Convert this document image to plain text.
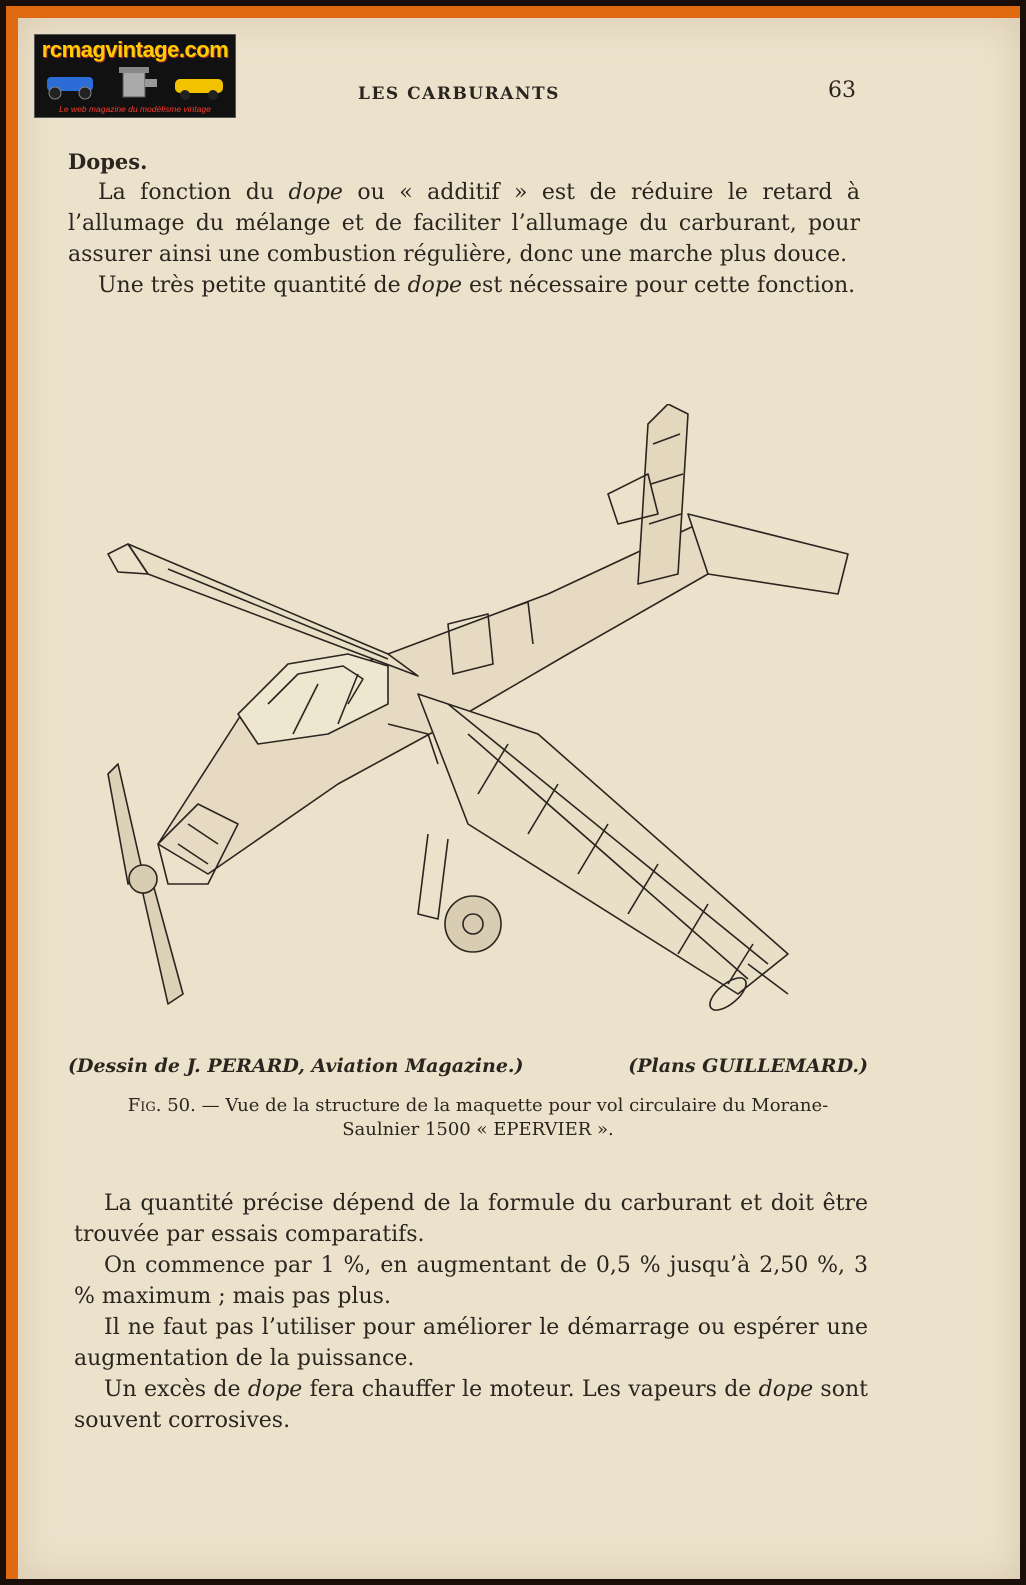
rcmagvintage.com
Le web magazine du modélisme vintage
LES CARBURANTS	63

Dopes.

La fonction du dope ou « additif » est de réduire le retard à l’allumage du mélange et de faciliter l’allumage du carburant, pour assurer ainsi une combustion régulière, donc une marche plus douce.

Une très petite quantité de dope est nécessaire pour cette fonction.

(Dessin de J. PERARD, Aviation Magazine.)	(Plans GUILLEMARD.)
Fig. 50. — Vue de la structure de la maquette pour vol circulaire du Morane-Saulnier 1500 « EPERVIER ».

La quantité précise dépend de la formule du carburant et doit être trouvée par essais comparatifs.

On commence par 1 %, en augmentant de 0,5 % jusqu’à 2,50 %, 3 % maximum ; mais pas plus.

Il ne faut pas l’utiliser pour améliorer le démarrage ou espérer une augmentation de la puissance.

Un excès de dope fera chauffer le moteur. Les vapeurs de dope sont souvent corrosives.
